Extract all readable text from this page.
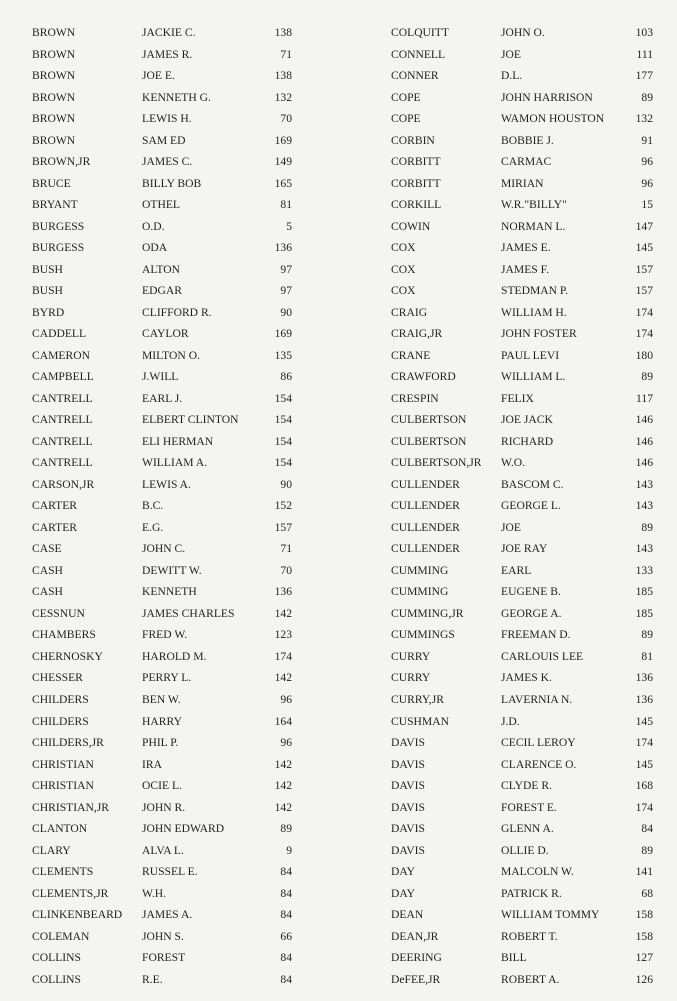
BROWN	JACKIE C.	138
BROWN	JAMES R.	71
BROWN	JOE E.	138
BROWN	KENNETH G.	132
BROWN	LEWIS H.	70
BROWN	SAM ED	169
BROWN,JR	JAMES C.	149
BRUCE	BILLY BOB	165
BRYANT	OTHEL	81
BURGESS	O.D.	5
BURGESS	ODA	136
BUSH	ALTON	97
BUSH	EDGAR	97
BYRD	CLIFFORD R.	90
CADDELL	CAYLOR	169
CAMERON	MILTON O.	135
CAMPBELL	J.WILL	86
CANTRELL	EARL J.	154
CANTRELL	ELBERT CLINTON	154
CANTRELL	ELI HERMAN	154
CANTRELL	WILLIAM A.	154
CARSON,JR	LEWIS A.	90
CARTER	B.C.	152
CARTER	E.G.	157
CASE	JOHN C.	71
CASH	DEWITT W.	70
CASH	KENNETH	136
CESSNUN	JAMES CHARLES	142
CHAMBERS	FRED W.	123
CHERNOSKY	HAROLD M.	174
CHESSER	PERRY L.	142
CHILDERS	BEN W.	96
CHILDERS	HARRY	164
CHILDERS,JR	PHIL P.	96
CHRISTIAN	IRA	142
CHRISTIAN	OCIE L.	142
CHRISTIAN,JR	JOHN R.	142
CLANTON	JOHN EDWARD	89
CLARY	ALVA L.	9
CLEMENTS	RUSSEL E.	84
CLEMENTS,JR	W.H.	84
CLINKENBEARD JAMES A.	84
COLEMAN	JOHN S.	66
COLLINS	FOREST	84
COLLINS	R.E.	84
COLQUITT	JOHN O.	103
CONNELL	JOE	111
CONNER	D.L.	177
COPE	JOHN HARRISON	89
COPE	WAMON HOUSTON	132
CORBIN	BOBBIE J.	91
CORBITT	CARMAC	96
CORBITT	MIRIAN	96
CORKILL	W.R."BILLY"	15
COWIN	NORMAN L.	147
COX	JAMES E.	145
COX	JAMES F.	157
COX	STEDMAN P.	157
CRAIG	WILLIAM H.	174
CRAIG,JR	JOHN FOSTER	174
CRANE	PAUL LEVI	180
CRAWFORD	WILLIAM L.	89
CRESPIN	FELIX	117
CULBERTSON	JOE JACK	146
CULBERTSON	RICHARD	146
CULBERTSON,JR W.O.	146
CULLENDER	BASCOM C.	143
CULLENDER	GEORGE L.	143
CULLENDER	JOE	89
CULLENDER	JOE RAY	143
CUMMING	EARL	133
CUMMING	EUGENE B.	185
CUMMING,JR	GEORGE A.	185
CUMMINGS	FREEMAN D.	89
CURRY	CARLOUIS LEE	81
CURRY	JAMES K.	136
CURRY,JR	LAVERNIA N.	136
CUSHMAN	J.D.	145
DAVIS	CECIL LEROY	174
DAVIS	CLARENCE O.	145
DAVIS	CLYDE R.	168
DAVIS	FOREST E.	174
DAVIS	GLENN A.	84
DAVIS	OLLIE D.	89
DAY	MALCOLN W.	141
DAY	PATRICK R.	68
DEAN	WILLIAM TOMMY	158
DEAN,JR	ROBERT T.	158
DEERING	BILL	127
DeFEE,JR	ROBERT A.	126
